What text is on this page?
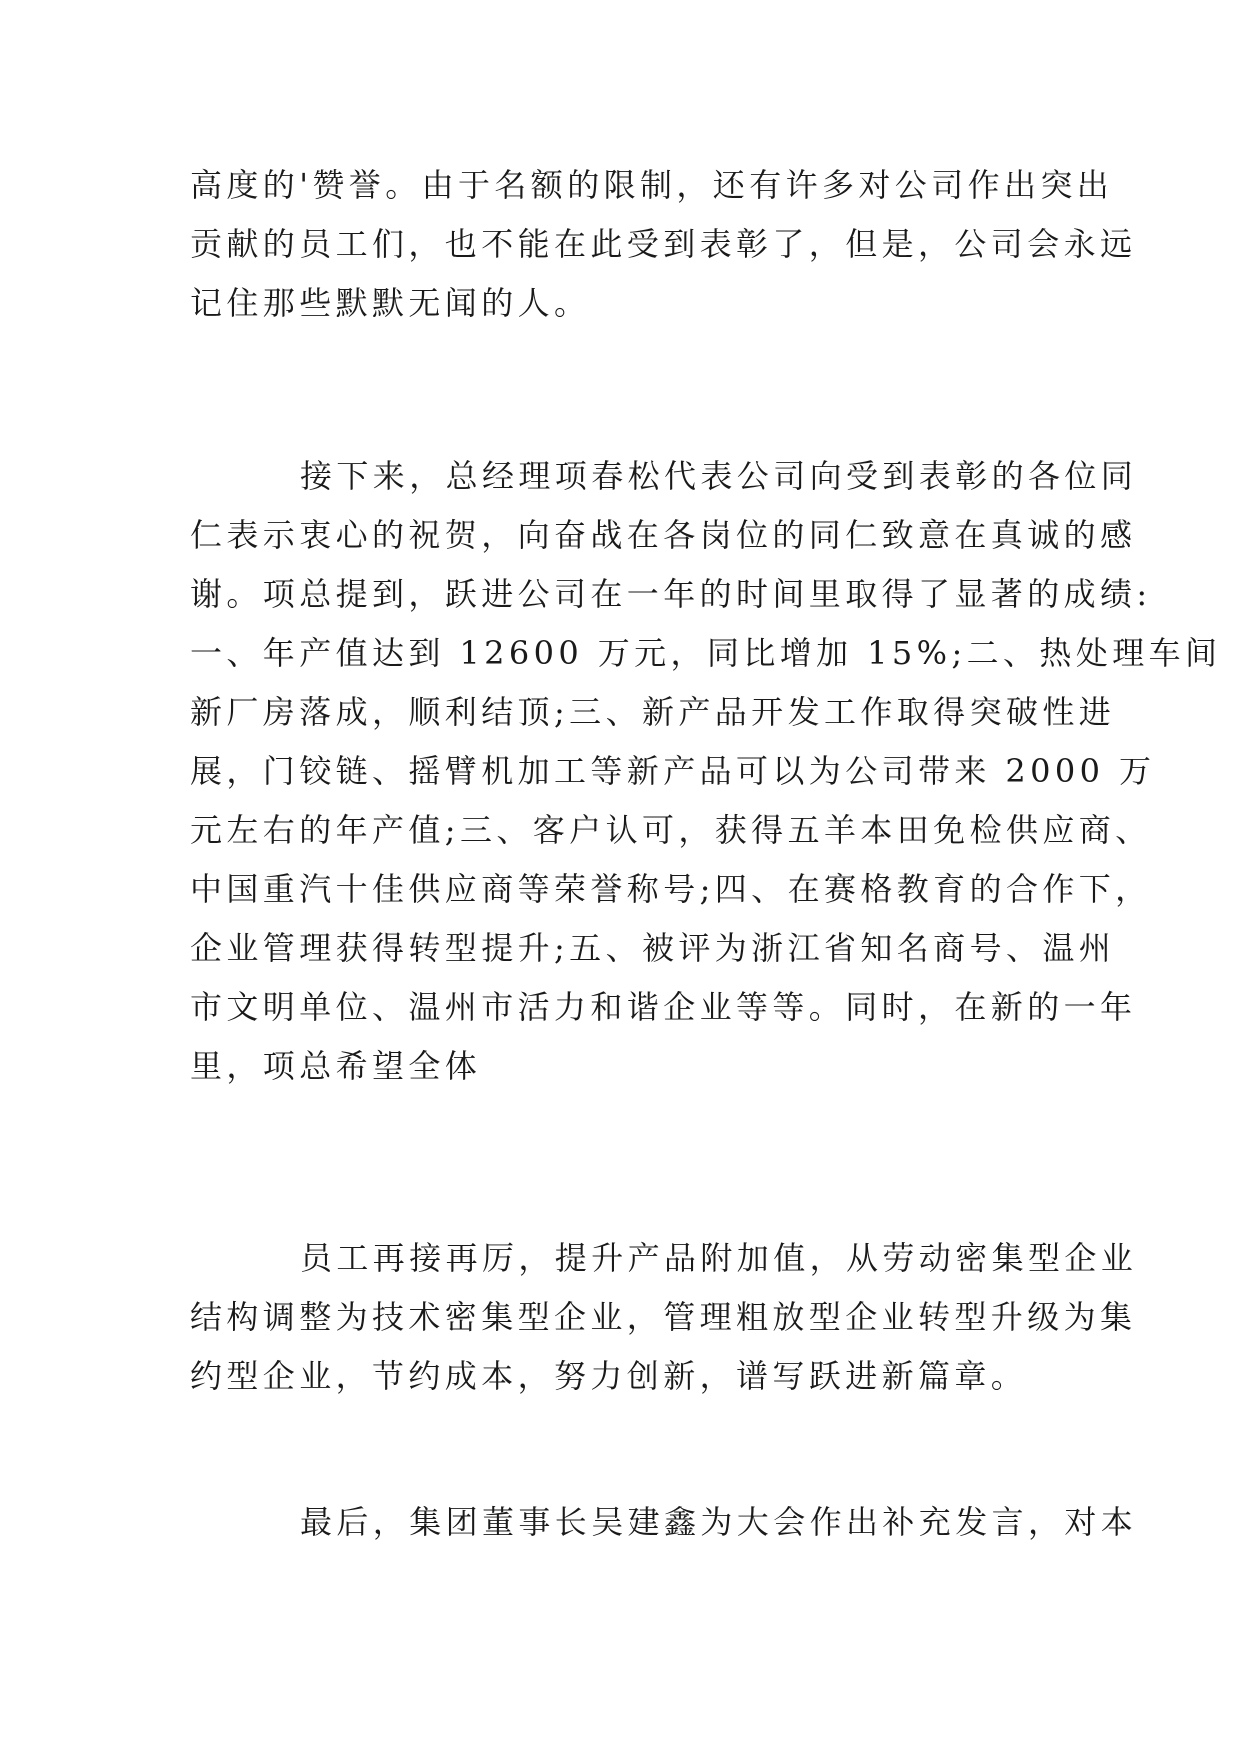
高度的'赞誉。由于名额的限制，还有许多对公司作出突出
贡献的员工们，也不能在此受到表彰了，但是，公司会永远
记住那些默默无闻的人。

接下来，总经理项春松代表公司向受到表彰的各位同
仁表示衷心的祝贺，向奋战在各岗位的同仁致意在真诚的感
谢。项总提到，跃进公司在一年的时间里取得了显著的成绩:
一、年产值达到 12600 万元，同比增加 15%;二、热处理车间
新厂房落成，顺利结顶;三、新产品开发工作取得突破性进
展，门铰链、摇臂机加工等新产品可以为公司带来 2000 万
元左右的年产值;三、客户认可，获得五羊本田免检供应商、
中国重汽十佳供应商等荣誉称号;四、在赛格教育的合作下，
企业管理获得转型提升;五、被评为浙江省知名商号、温州
市文明单位、温州市活力和谐企业等等。同时，在新的一年
里，项总希望全体

员工再接再厉，提升产品附加值，从劳动密集型企业
结构调整为技术密集型企业，管理粗放型企业转型升级为集
约型企业，节约成本，努力创新，谱写跃进新篇章。

最后，集团董事长吴建鑫为大会作出补充发言，对本
